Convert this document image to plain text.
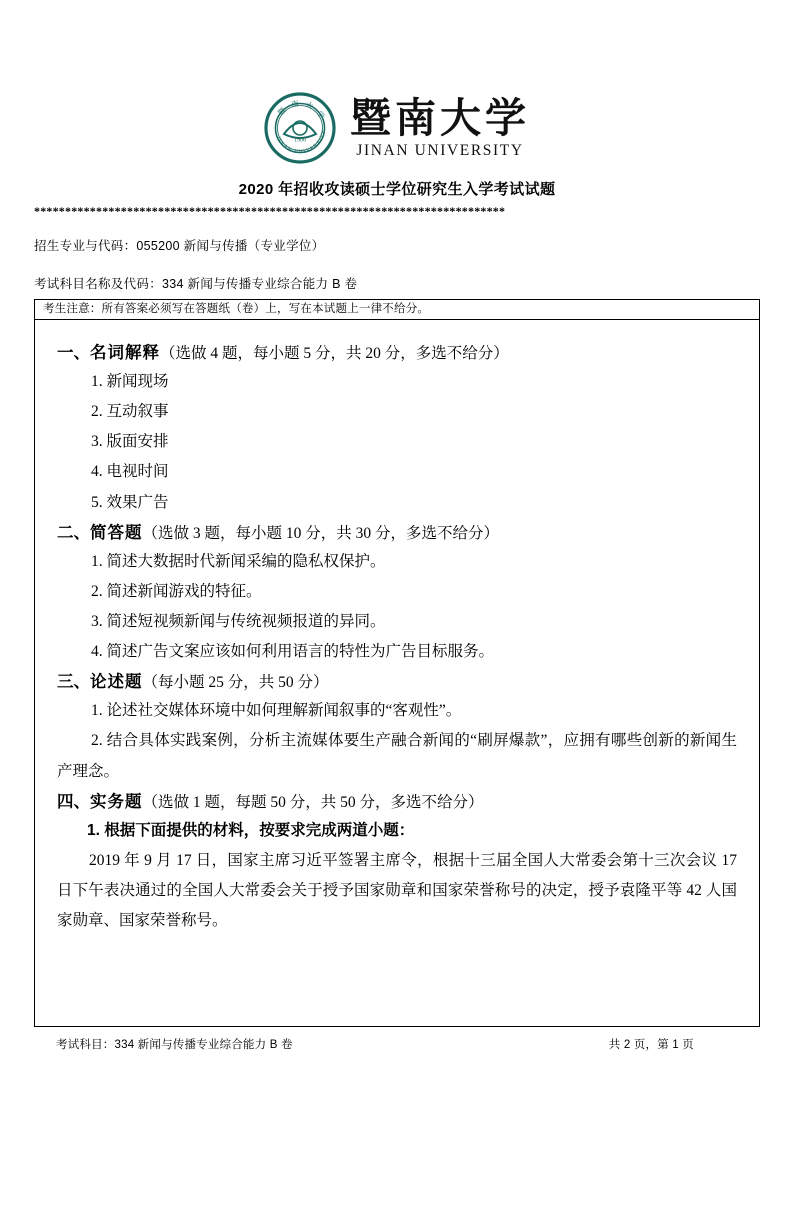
暨 南 大 学
JINAN UNIVERSITY
1906 暨南大学
JINAN UNIVERSITY
2020 年招收攻读硕士学位研究生入学考试试题
****************************************************************************
招生专业与代码：055200 新闻与传播（专业学位）
考试科目名称及代码：334 新闻与传播专业综合能力 B 卷
考生注意：所有答案必须写在答题纸（卷）上，写在本试题上一律不给分。
一、名词解释（选做 4 题，每小题 5 分，共 20 分，多选不给分）
1. 新闻现场
2. 互动叙事
3. 版面安排
4. 电视时间
5. 效果广告
二、简答题（选做 3 题，每小题 10 分，共 30 分，多选不给分）
1. 简述大数据时代新闻采编的隐私权保护。
2. 简述新闻游戏的特征。
3. 简述短视频新闻与传统视频报道的异同。
4. 简述广告文案应该如何利用语言的特性为广告目标服务。
三、论述题（每小题 25 分，共 50 分）
1. 论述社交媒体环境中如何理解新闻叙事的“客观性”。
2. 结合具体实践案例，分析主流媒体要生产融合新闻的“刷屏爆款”，应拥有哪些创新的新闻生产理念。
四、实务题（选做 1 题，每题 50 分，共 50 分，多选不给分）
1. 根据下面提供的材料，按要求完成两道小题：

2019 年 9 月 17 日，国家主席习近平签署主席令，根据十三届全国人大常委会第十三次会议 17 日下午表决通过的全国人大常委会关于授予国家勋章和国家荣誉称号的决定，授予袁隆平等 42 人国家勋章、国家荣誉称号。

考试科目：334 新闻与传播专业综合能力 B 卷	共 2 页，第 1 页
